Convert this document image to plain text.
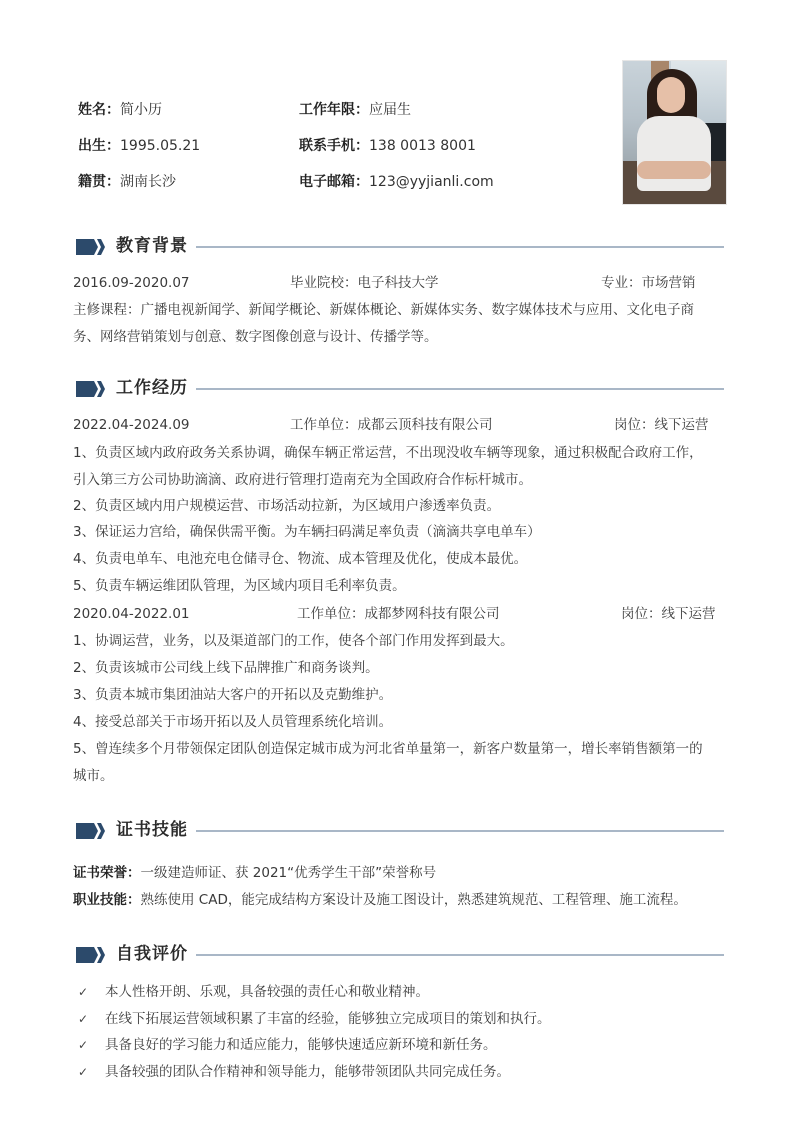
姓名：简小历	工作年限：应届生
出生：1995.05.21	联系手机：138 0013 8001
籍贯：湖南长沙	电子邮箱：123@yyjianli.com
教育背景
2016.09-2020.07	毕业院校：电子科技大学	专业：市场营销
主修课程：广播电视新闻学、新闻学概论、新媒体概论、新媒体实务、数字媒体技术与应用、文化电子商
务、网络营销策划与创意、数字图像创意与设计、传播学等。
工作经历
2022.04-2024.09	工作单位：成都云顶科技有限公司	岗位：线下运营
1、负责区域内政府政务关系协调，确保车辆正常运营，不出现没收车辆等现象，通过积极配合政府工作，
引入第三方公司协助滴滴、政府进行管理打造南充为全国政府合作标杆城市。
2、负责区域内用户规模运营、市场活动拉新，为区域用户渗透率负责。
3、保证运力宫给，确保供需平衡。为车辆扫码满足率负责（滴滴共享电单车）
4、负责电单车、电池充电仓储寻仓、物流、成本管理及优化，使成本最优。
5、负责车辆运维团队管理，为区域内项目毛利率负责。
2020.04-2022.01	工作单位：成都梦网科技有限公司	岗位：线下运营
1、协调运营，业务，以及渠道部门的工作，使各个部门作用发挥到最大。
2、负责该城市公司线上线下品牌推广和商务谈判。
3、负责本城市集团油站大客户的开拓以及克勤维护。
4、接受总部关于市场开拓以及人员管理系统化培训。
5、曾连续多个月带领保定团队创造保定城市成为河北省单量第一，新客户数量第一，增长率销售额第一的
城市。
证书技能
证书荣誉：一级建造师证、获 2021“优秀学生干部”荣誉称号
职业技能：熟练使用 CAD，能完成结构方案设计及施工图设计，熟悉建筑规范、工程管理、施工流程。
自我评价
✓ 本人性格开朗、乐观，具备较强的责任心和敬业精神。
✓ 在线下拓展运营领域积累了丰富的经验，能够独立完成项目的策划和执行。
✓ 具备良好的学习能力和适应能力，能够快速适应新环境和新任务。
✓ 具备较强的团队合作精神和领导能力，能够带领团队共同完成任务。
